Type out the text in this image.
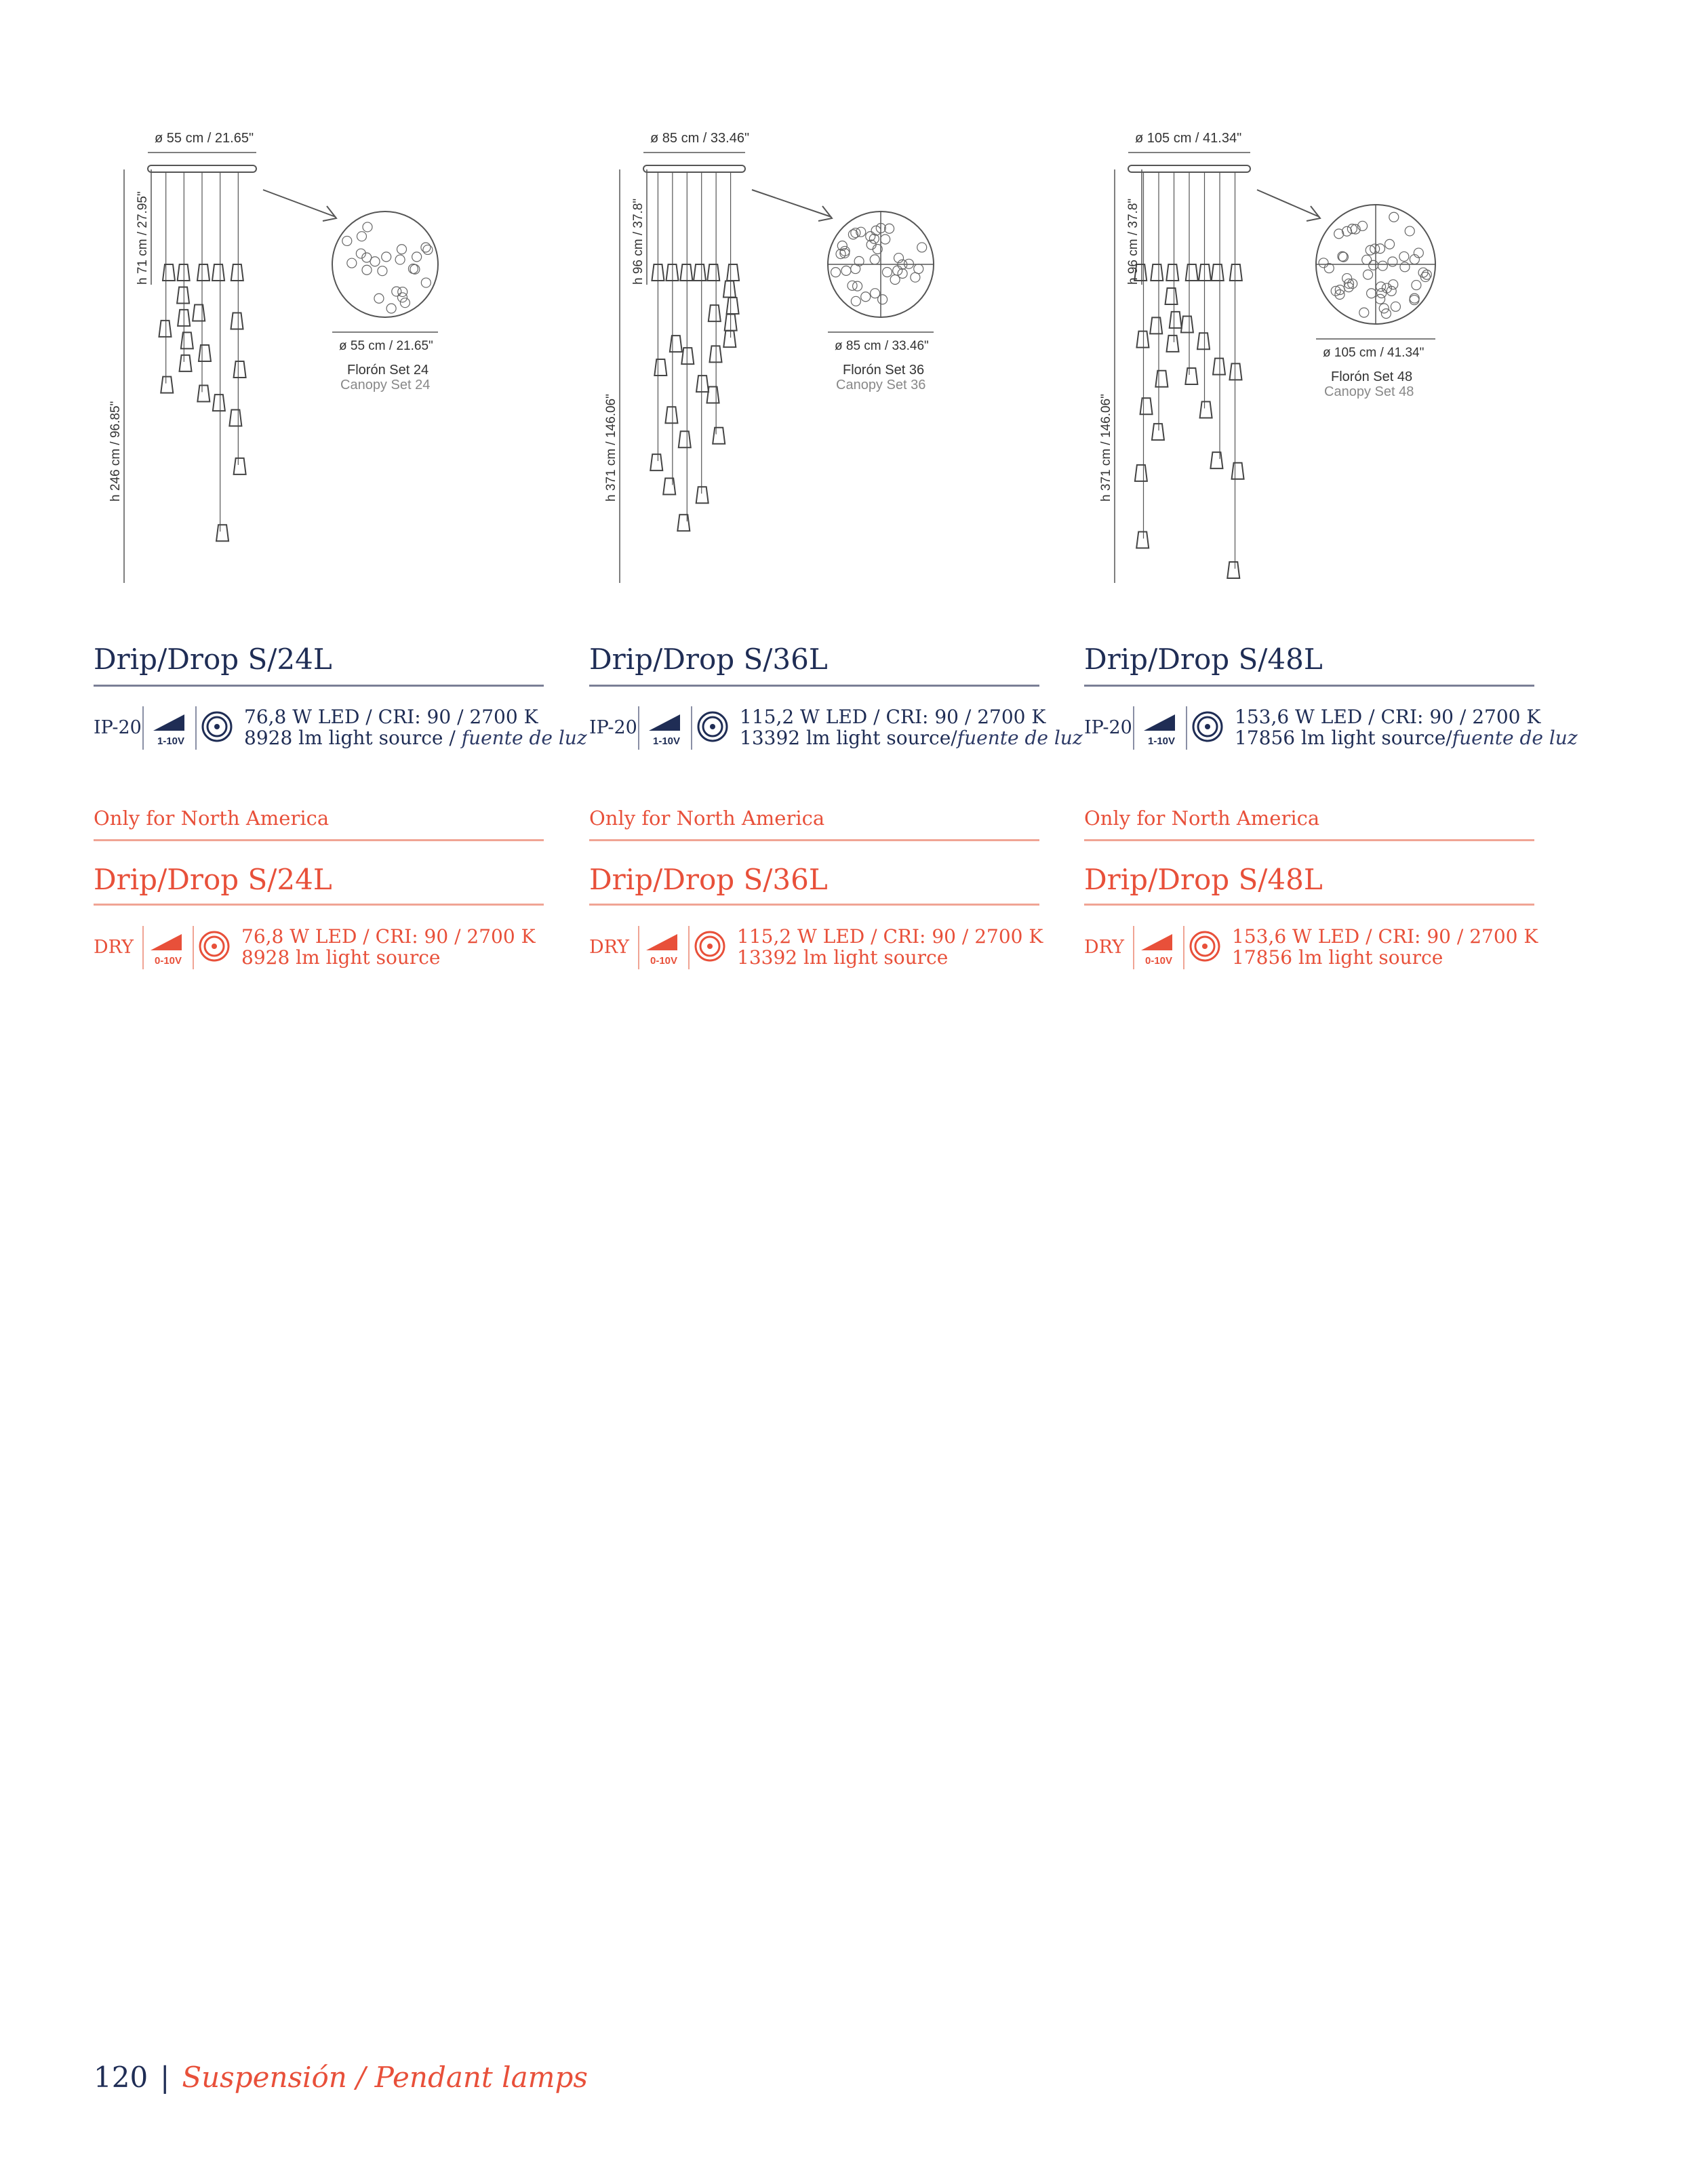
ø 55 cm / 21.65"
h 71 cm / 27.95"
h 246 cm / 96.85"
ø 55 cm / 21.65"
Florón Set 24
Canopy Set 24
Drip/Drop S/24L
IP-20
1-10V
76,8 W LED / CRI: 90 / 2700 K
8928 lm light source / fuente de luz
Only for North America
Drip/Drop S/24L
DRY
0-10V
76,8 W LED / CRI: 90 / 2700 K
8928 lm light source
ø 85 cm / 33.46"
h 96 cm / 37.8"
h 371 cm / 146.06"
ø 85 cm / 33.46"
Florón Set 36
Canopy Set 36
Drip/Drop S/36L
IP-20
1-10V
115,2 W LED / CRI: 90 / 2700 K
13392 lm light source/fuente de luz
Only for North America
Drip/Drop S/36L
DRY
0-10V
115,2 W LED / CRI: 90 / 2700 K
13392 lm light source
ø 105 cm / 41.34"
h 96 cm / 37.8"
h 371 cm / 146.06"
ø 105 cm / 41.34"
Florón Set 48
Canopy Set 48
Drip/Drop S/48L
IP-20
1-10V
153,6 W LED / CRI: 90 / 2700 K
17856 lm light source/fuente de luz
Only for North America
Drip/Drop S/48L
DRY
0-10V
153,6 W LED / CRI: 90 / 2700 K
17856 lm light source
120 | Suspensión / Pendant lamps
